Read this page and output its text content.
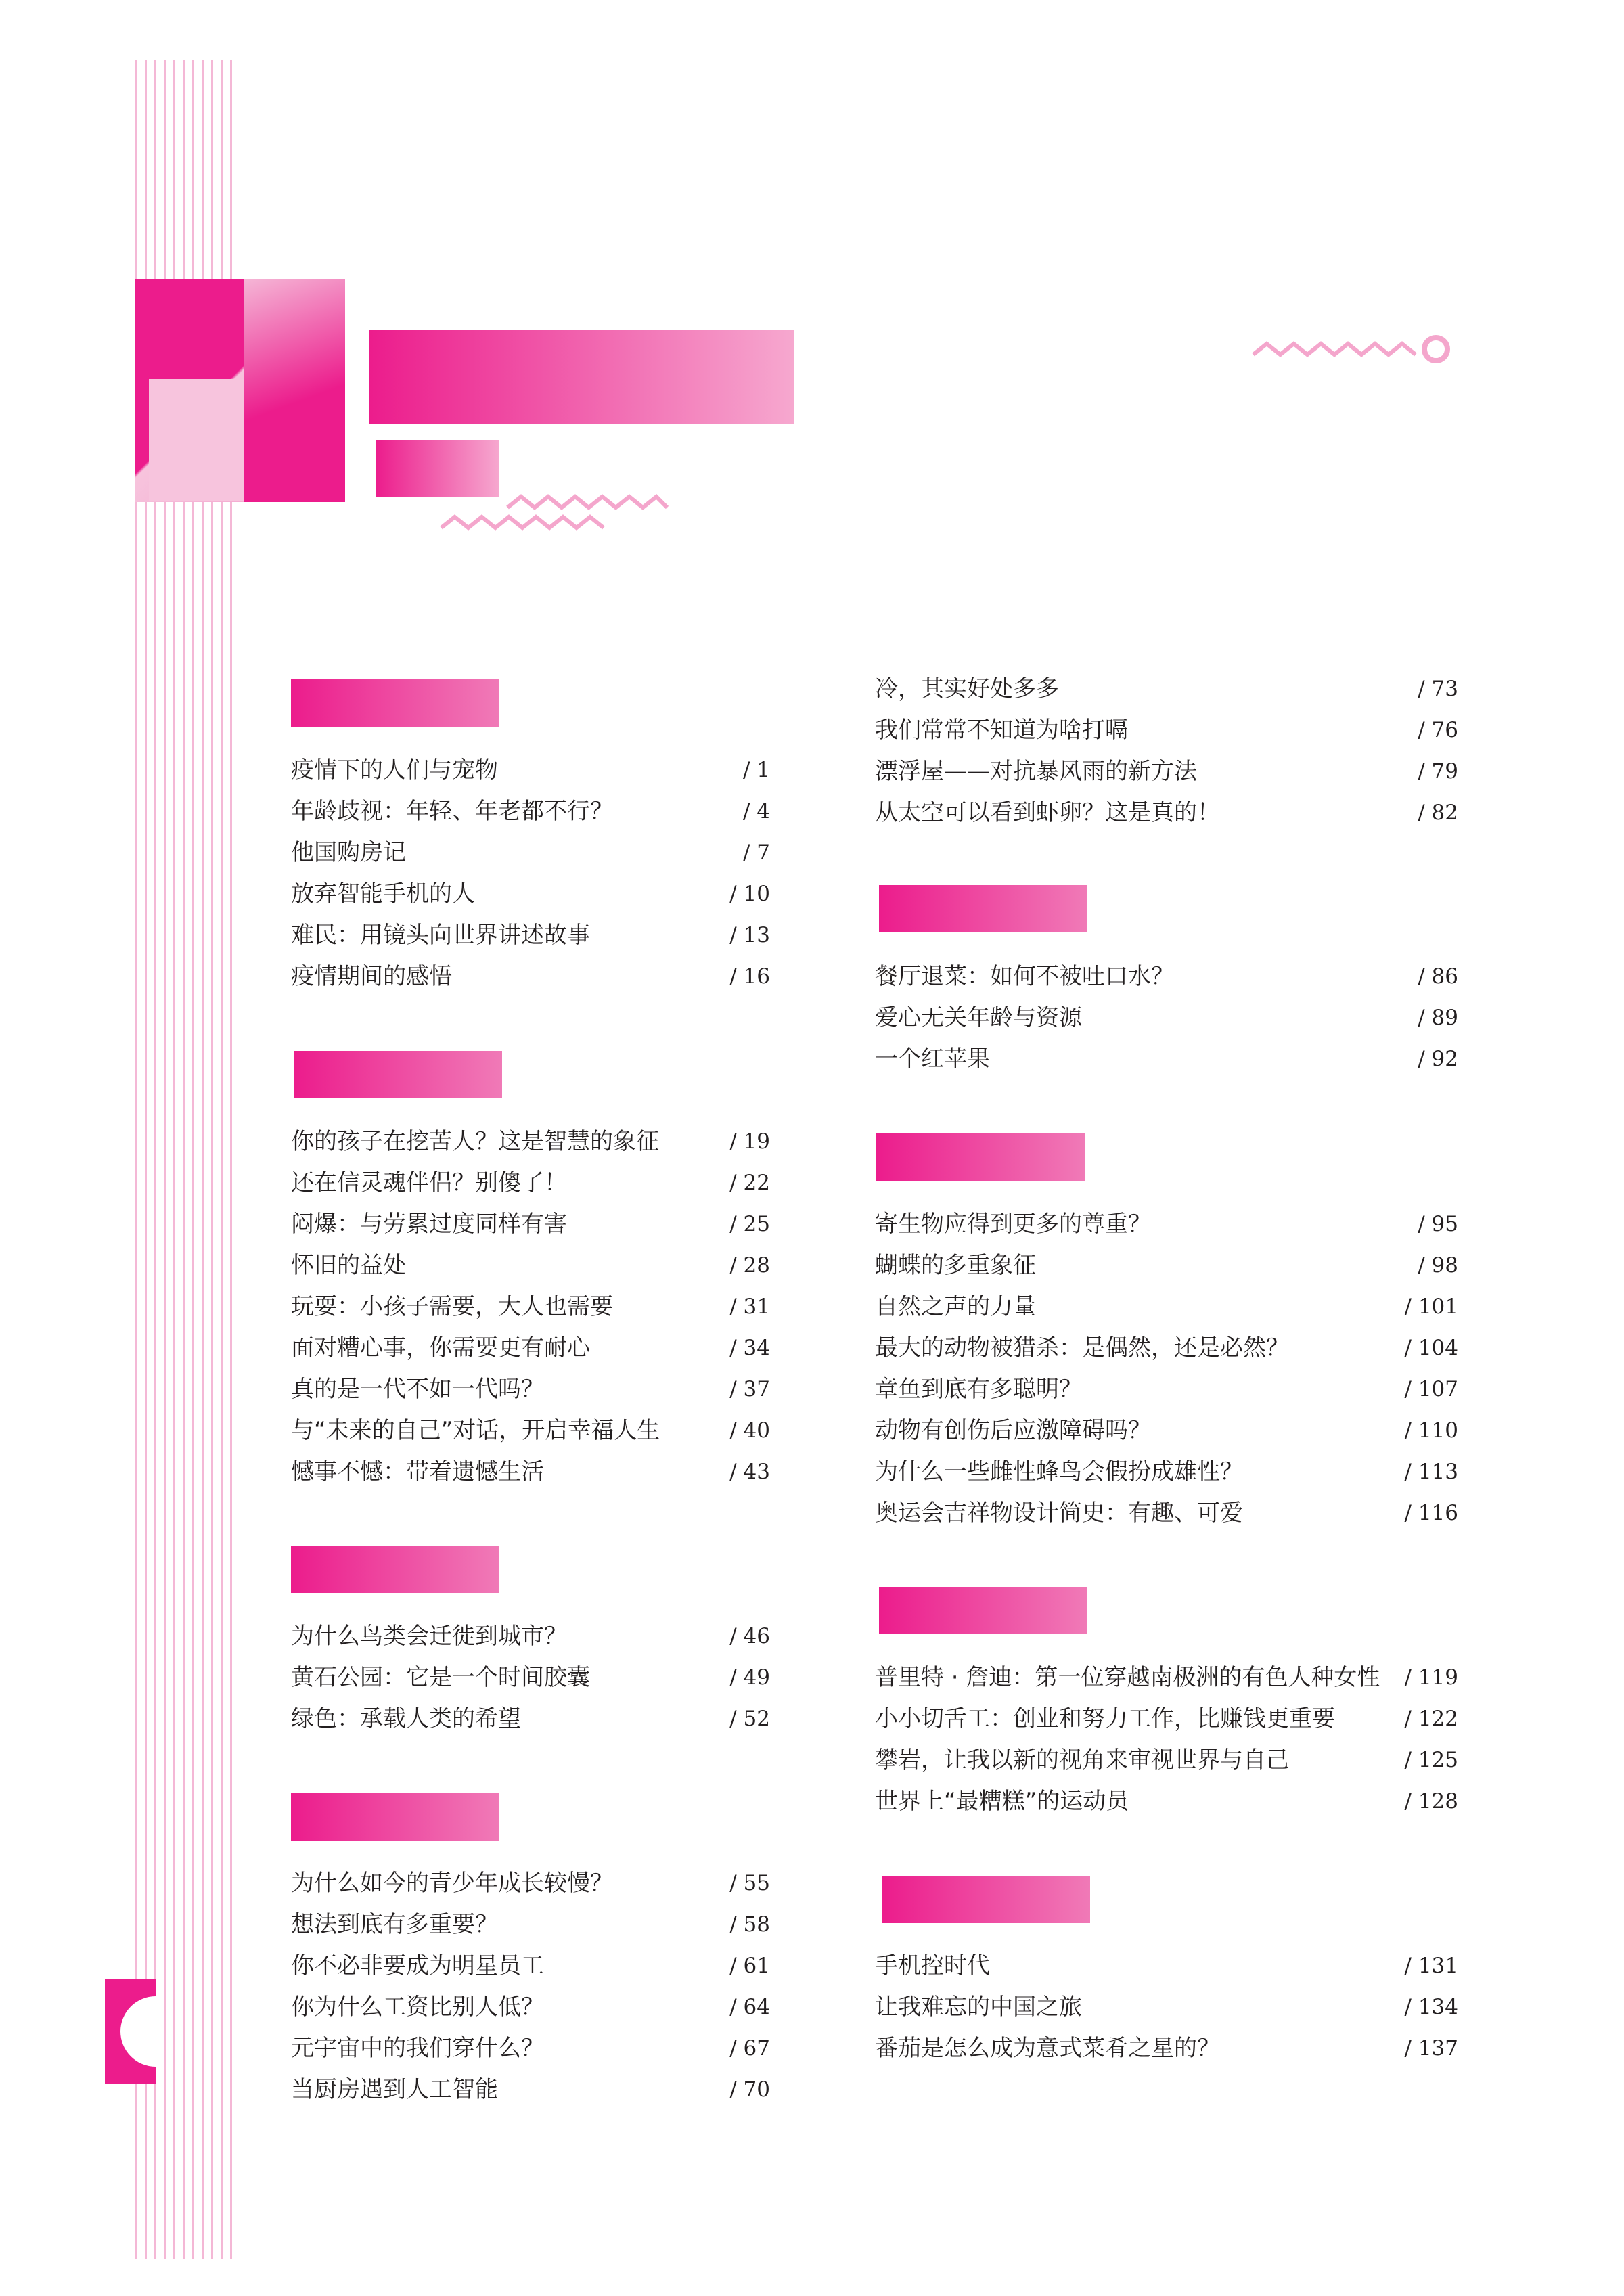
疫情下的人们与宠物	/ 1
年龄歧视：年轻、年老都不行？	/ 4
他国购房记	/ 7
放弃智能手机的人	/ 10
难民：用镜头向世界讲述故事	/ 13
疫情期间的感悟	/ 16
你的孩子在挖苦人？这是智慧的象征	/ 19
还在信灵魂伴侣？别傻了！	/ 22
闷爆：与劳累过度同样有害	/ 25
怀旧的益处	/ 28
玩耍：小孩子需要，大人也需要	/ 31
面对糟心事，你需要更有耐心	/ 34
真的是一代不如一代吗？	/ 37
与“未来的自己”对话，开启幸福人生	/ 40
憾事不憾：带着遗憾生活	/ 43
为什么鸟类会迁徙到城市？	/ 46
黄石公园：它是一个时间胶囊	/ 49
绿色：承载人类的希望	/ 52
为什么如今的青少年成长较慢？	/ 55
想法到底有多重要？	/ 58
你不必非要成为明星员工	/ 61
你为什么工资比别人低？	/ 64
元宇宙中的我们穿什么？	/ 67
当厨房遇到人工智能	/ 70
冷，其实好处多多	/ 73
我们常常不知道为啥打嗝	/ 76
漂浮屋——对抗暴风雨的新方法	/ 79
从太空可以看到虾卵？这是真的！	/ 82
餐厅退菜：如何不被吐口水？	/ 86
爱心无关年龄与资源	/ 89
一个红苹果	/ 92
寄生物应得到更多的尊重？	/ 95
蝴蝶的多重象征	/ 98
自然之声的力量	/ 101
最大的动物被猎杀：是偶然，还是必然？	/ 104
章鱼到底有多聪明？	/ 107
动物有创伤后应激障碍吗？	/ 110
为什么一些雌性蜂鸟会假扮成雄性？	/ 113
奥运会吉祥物设计简史：有趣、可爱	/ 116
普里特 · 詹迪：第一位穿越南极洲的有色人种女性 / 119
小小切舌工：创业和努力工作，比赚钱更重要	/ 122
攀岩，让我以新的视角来审视世界与自己	/ 125
世界上“最糟糕”的运动员	/ 128
手机控时代	/ 131
让我难忘的中国之旅	/ 134
番茄是怎么成为意式菜肴之星的？	/ 137
